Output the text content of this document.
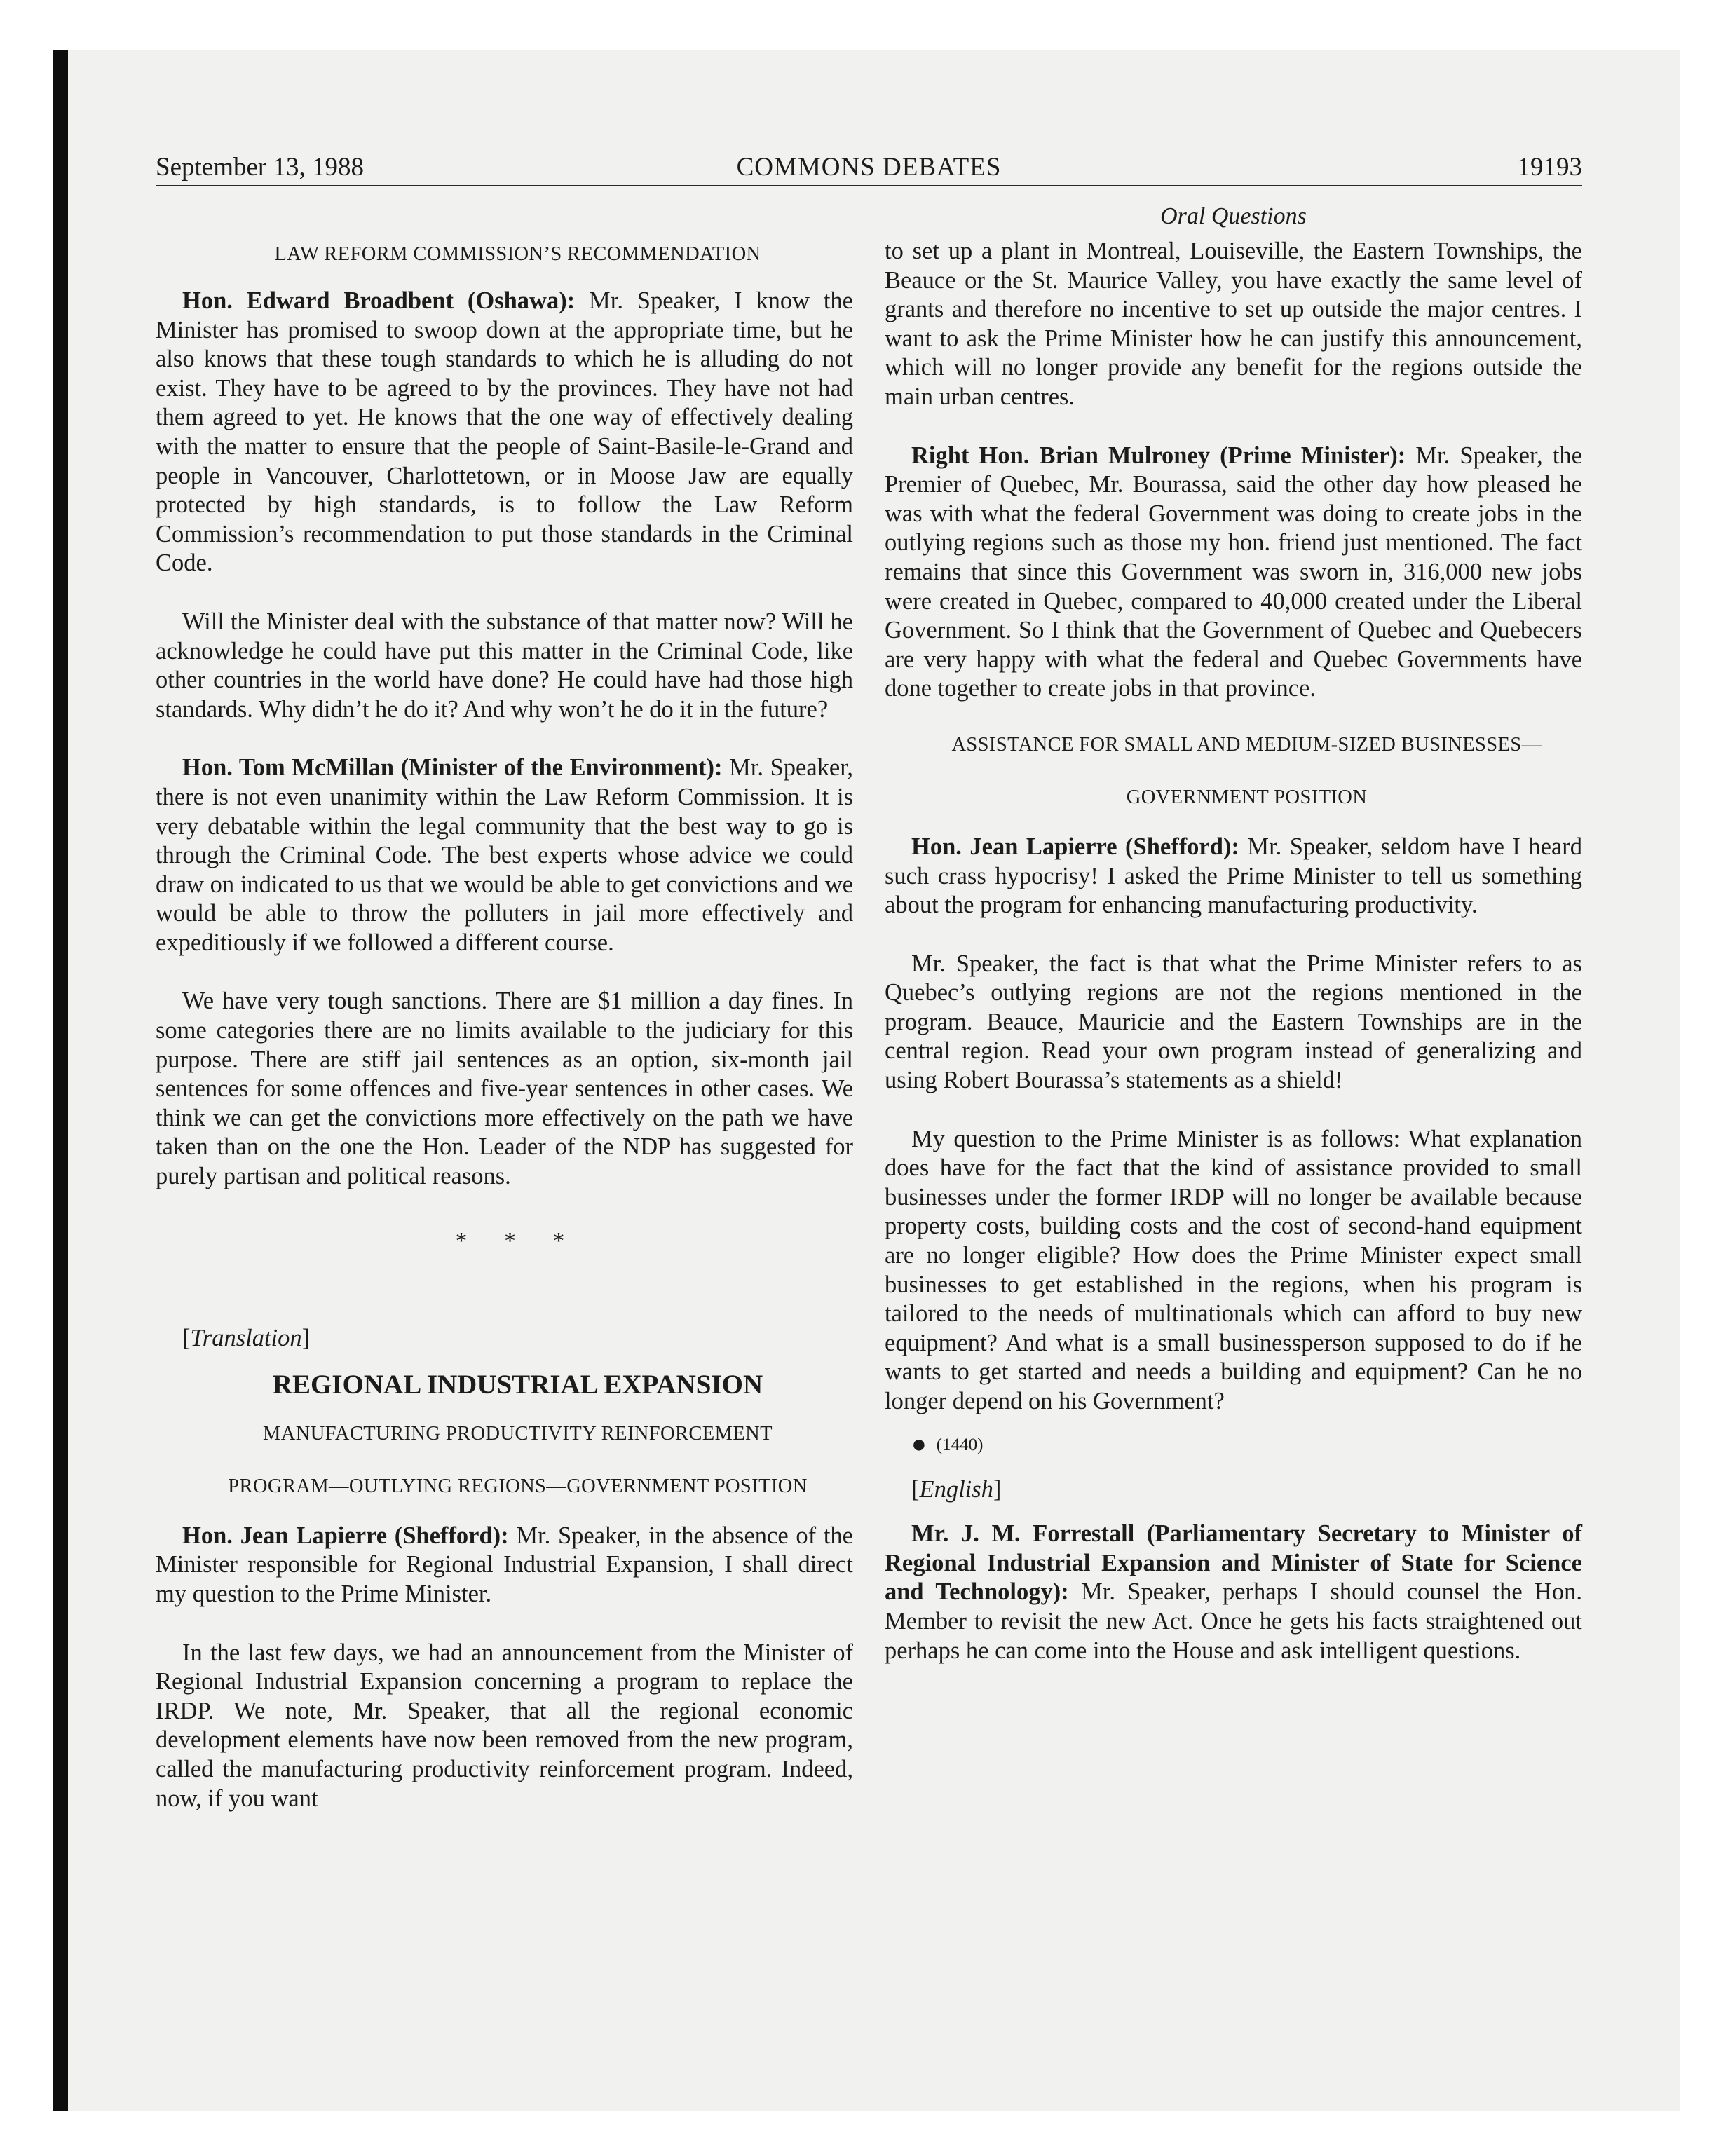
September 13, 1988	COMMONS DEBATES	19193
Oral Questions

LAW REFORM COMMISSION’S RECOMMENDATION

Hon. Edward Broadbent (Oshawa): Mr. Speaker, I know the Minister has promised to swoop down at the appropriate time, but he also knows that these tough standards to which he is alluding do not exist. They have to be agreed to by the provinces. They have not had them agreed to yet. He knows that the one way of effectively dealing with the matter to ensure that the people of Saint-Basile-le-Grand and people in Vancouver, Charlottetown, or in Moose Jaw are equally protected by high standards, is to follow the Law Reform Commission’s recommendation to put those standards in the Criminal Code.

Will the Minister deal with the substance of that matter now? Will he acknowledge he could have put this matter in the Criminal Code, like other countries in the world have done? He could have had those high standards. Why didn’t he do it? And why won’t he do it in the future?

Hon. Tom McMillan (Minister of the Environment): Mr. Speaker, there is not even unanimity within the Law Reform Commission. It is very debatable within the legal community that the best way to go is through the Criminal Code. The best experts whose advice we could draw on indicated to us that we would be able to get convictions and we would be able to throw the polluters in jail more effectively and expeditiously if we followed a different course.

We have very tough sanctions. There are $1 million a day fines. In some categories there are no limits available to the judiciary for this purpose. There are stiff jail sentences as an option, six-month jail sentences for some offences and five-year sentences in other cases. We think we can get the convictions more effectively on the path we have taken than on the one the Hon. Leader of the NDP has suggested for purely partisan and political reasons.

* * *

[Translation]

REGIONAL INDUSTRIAL EXPANSION

MANUFACTURING PRODUCTIVITY REINFORCEMENT

PROGRAM—OUTLYING REGIONS—GOVERNMENT POSITION

Hon. Jean Lapierre (Shefford): Mr. Speaker, in the absence of the Minister responsible for Regional Industrial Expansion, I shall direct my question to the Prime Minister.

In the last few days, we had an announcement from the Minister of Regional Industrial Expansion concerning a program to replace the IRDP. We note, Mr. Speaker, that all the regional economic development elements have now been removed from the new program, called the manufacturing productivity reinforcement program. Indeed, now, if you want

to set up a plant in Montreal, Louiseville, the Eastern Townships, the Beauce or the St. Maurice Valley, you have exactly the same level of grants and therefore no incentive to set up outside the major centres. I want to ask the Prime Minister how he can justify this announcement, which will no longer provide any benefit for the regions outside the main urban centres.

Right Hon. Brian Mulroney (Prime Minister): Mr. Speaker, the Premier of Quebec, Mr. Bourassa, said the other day how pleased he was with what the federal Government was doing to create jobs in the outlying regions such as those my hon. friend just mentioned. The fact remains that since this Government was sworn in, 316,000 new jobs were created in Quebec, compared to 40,000 created under the Liberal Government. So I think that the Government of Quebec and Quebecers are very happy with what the federal and Quebec Governments have done together to create jobs in that province.

ASSISTANCE FOR SMALL AND MEDIUM-SIZED BUSINESSES—

GOVERNMENT POSITION

Hon. Jean Lapierre (Shefford): Mr. Speaker, seldom have I heard such crass hypocrisy! I asked the Prime Minister to tell us something about the program for enhancing manufacturing productivity.

Mr. Speaker, the fact is that what the Prime Minister refers to as Quebec’s outlying regions are not the regions mentioned in the program. Beauce, Mauricie and the Eastern Townships are in the central region. Read your own program instead of generalizing and using Robert Bourassa’s statements as a shield!

My question to the Prime Minister is as follows: What explanation does have for the fact that the kind of assistance provided to small businesses under the former IRDP will no longer be available because property costs, building costs and the cost of second-hand equipment are no longer eligible? How does the Prime Minister expect small businesses to get established in the regions, when his program is tailored to the needs of multinationals which can afford to buy new equipment? And what is a small businessperson supposed to do if he wants to get started and needs a building and equipment? Can he no longer depend on his Government?

● (1440)

[English]

Mr. J. M. Forrestall (Parliamentary Secretary to Minister of Regional Industrial Expansion and Minister of State for Science and Technology): Mr. Speaker, perhaps I should counsel the Hon. Member to revisit the new Act. Once he gets his facts straightened out perhaps he can come into the House and ask intelligent questions.
